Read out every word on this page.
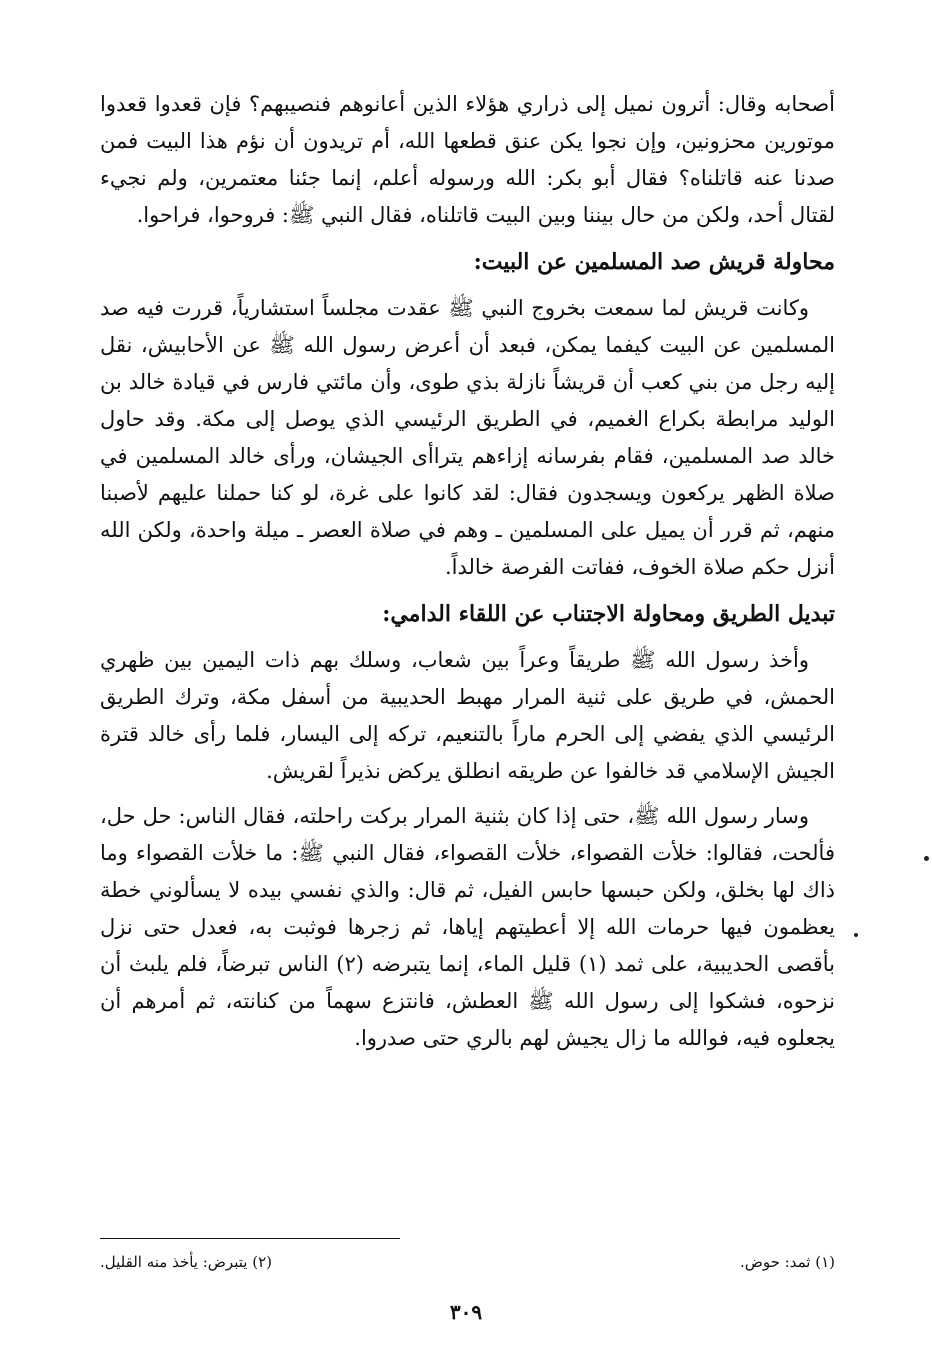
أصحابه وقال: أترون نميل إلى ذراري هؤلاء الذين أعانوهم فنصيبهم؟ فإن قعدوا قعدوا موتورين محزونين، وإن نجوا يكن عنق قطعها الله، أم تريدون أن نؤم هذا البيت فمن صدنا عنه قاتلناه؟ فقال أبو بكر: الله ورسوله أعلم، إنما جئنا معتمرين، ولم نجيء لقتال أحد، ولكن من حال بيننا وبين البيت قاتلناه، فقال النبي ﷺ: فروحوا، فراحوا.

محاولة قريش صد المسلمين عن البيت:

وكانت قريش لما سمعت بخروج النبي ﷺ عقدت مجلساً استشارياً، قررت فيه صد المسلمين عن البيت كيفما يمكن، فبعد أن أعرض رسول الله ﷺ عن الأحابيش، نقل إليه رجل من بني كعب أن قريشاً نازلة بذي طوى، وأن مائتي فارس في قيادة خالد بن الوليد مرابطة بكراع الغميم، في الطريق الرئيسي الذي يوصل إلى مكة. وقد حاول خالد صد المسلمين، فقام بفرسانه إزاءهم يتراأى الجيشان، ورأى خالد المسلمين في صلاة الظهر يركعون ويسجدون فقال: لقد كانوا على غرة، لو كنا حملنا عليهم لأصبنا منهم، ثم قرر أن يميل على المسلمين ـ وهم في صلاة العصر ـ ميلة واحدة، ولكن الله أنزل حكم صلاة الخوف، ففاتت الفرصة خالداً.

تبديل الطريق ومحاولة الاجتناب عن اللقاء الدامي:

وأخذ رسول الله ﷺ طريقاً وعراً بين شعاب، وسلك بهم ذات اليمين بين ظهري الحمش، في طريق على ثنية المرار مهبط الحديبية من أسفل مكة، وترك الطريق الرئيسي الذي يفضي إلى الحرم ماراً بالتنعيم، تركه إلى اليسار، فلما رأى خالد قترة الجيش الإسلامي قد خالفوا عن طريقه انطلق يركض نذيراً لقريش.

وسار رسول الله ﷺ، حتى إذا كان بثنية المرار بركت راحلته، فقال الناس: حل حل، فألحت، فقالوا: خلأت القصواء، خلأت القصواء، فقال النبي ﷺ: ما خلأت القصواء وما ذاك لها بخلق، ولكن حبسها حابس الفيل، ثم قال: والذي نفسي بيده لا يسألوني خطة يعظمون فيها حرمات الله إلا أعطيتهم إياها، ثم زجرها فوثبت به، فعدل حتى نزل بأقصى الحديبية، على ثمد (١) قليل الماء، إنما يتبرضه (٢) الناس تبرضاً، فلم يلبث أن نزحوه، فشكوا إلى رسول الله ﷺ العطش، فانتزع سهماً من كنانته، ثم أمرهم أن يجعلوه فيه، فوالله ما زال يجيش لهم بالري حتى صدروا.

(١) ثمد: حوض.
(٢) يتبرض: يأخذ منه القليل.
٣٠٩
